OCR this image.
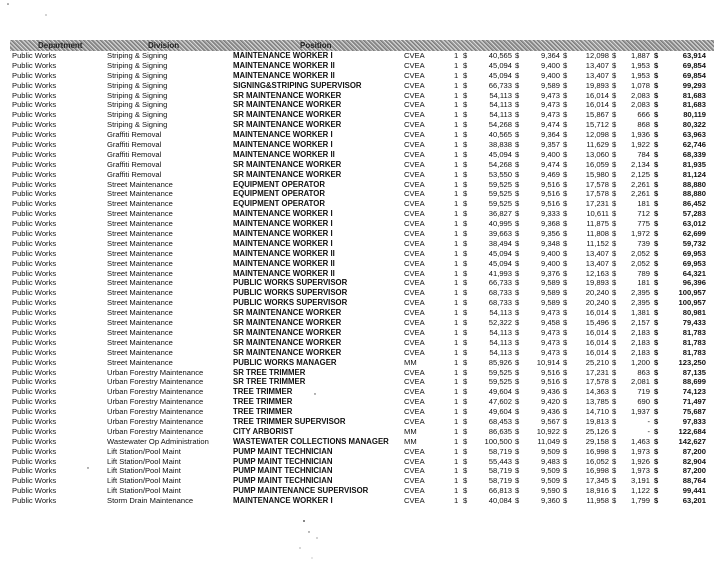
Department	Division	Position
Public Works	Striping & Signing	MAINTENANCE WORKER I	CVEA	1 $	40,565 $	9,364 $ 12,098 $ 1,887 $	63,914
Public Works	Striping & Signing	MAINTENANCE WORKER II	CVEA	1 $	45,094 $	9,400 $ 13,407 $ 1,953 $	69,854
Public Works	Striping & Signing	MAINTENANCE WORKER II	CVEA	1 $	45,094 $	9,400 $ 13,407 $ 1,953 $	69,854
Public Works	Striping & Signing	SIGNING&STRIPING SUPERVISOR	CVEA	1 $	66,733 $	9,589 $ 19,893 $ 1,078 $	99,293
Public Works	Striping & Signing	SR MAINTENANCE WORKER	CVEA	1 $	54,113 $	9,473 $ 16,014 $ 2,083 $	81,683
Public Works	Striping & Signing	SR MAINTENANCE WORKER	CVEA	1 $	54,113 $	9,473 $ 16,014 $ 2,083 $	81,683
Public Works	Striping & Signing	SR MAINTENANCE WORKER	CVEA	1 $	54,113 $	9,473 $ 15,867 $	666 $	80,119
Public Works	Striping & Signing	SR MAINTENANCE WORKER	CVEA	1 $	54,268 $	9,474 $ 15,712 $	868 $	80,322
Public Works	Graffiti Removal	MAINTENANCE WORKER I	CVEA	1 $	40,565 $	9,364 $ 12,098 $ 1,936 $	63,963
Public Works	Graffiti Removal	MAINTENANCE WORKER I	CVEA	1 $	38,838 $	9,357 $	11,629 $ 1,922 $	62,746
Public Works	Graffiti Removal	MAINTENANCE WORKER II	CVEA	1 $	45,094 $	9,400 $ 13,060 $	784 $	68,339
Public Works	Graffiti Removal	SR MAINTENANCE WORKER	CVEA	1 $	54,268 $	9,474 $ 16,059 $ 2,134 $	81,935
Public Works	Graffiti Removal	SR MAINTENANCE WORKER	CVEA	1 $	53,550 $	9,469 $ 15,980 $ 2,125 $	81,124
Public Works	Street Maintenance	EQUIPMENT OPERATOR	CVEA	1 $	59,525 $	9,516 $ 17,578 $ 2,261 $	88,880
Public Works	Street Maintenance	EQUIPMENT OPERATOR	CVEA	1 $	59,525 $	9,516 $ 17,578 $ 2,261 $	88,880
Public Works	Street Maintenance	EQUIPMENT OPERATOR	CVEA	1 $	59,525 $	9,516 $ 17,231 $	181 $	86,452
Public Works	Street Maintenance	MAINTENANCE WORKER I	CVEA	1 $	36,827 $	9,333 $	10,611 $	712 $	57,283
Public Works	Street Maintenance	MAINTENANCE WORKER I	CVEA	1 $	40,995 $	9,368 $	11,875 $	775 $	63,012
Public Works	Street Maintenance	MAINTENANCE WORKER I	CVEA	1 $	39,663 $	9,356 $	11,808 $ 1,972 $	62,699
Public Works	Street Maintenance	MAINTENANCE WORKER I	CVEA	1 $	38,494 $	9,348 $	11,152 $	739 $	59,732
Public Works	Street Maintenance	MAINTENANCE WORKER II	CVEA	1 $	45,094 $	9,400 $ 13,407 $ 2,052 $	69,953
Public Works	Street Maintenance	MAINTENANCE WORKER II	CVEA	1 $	45,094 $	9,400 $ 13,407 $ 2,052 $	69,953
Public Works	Street Maintenance	MAINTENANCE WORKER II	CVEA	1 $	41,993 $	9,376 $ 12,163 $	789 $	64,321
Public Works	Street Maintenance	PUBLIC WORKS SUPERVISOR	CVEA	1 $	66,733 $	9,589 $ 19,893 $	181 $	96,396
Public Works	Street Maintenance	PUBLIC WORKS SUPERVISOR	CVEA	1 $	68,733 $	9,589 $ 20,240 $ 2,395 $	100,957
Public Works	Street Maintenance	PUBLIC WORKS SUPERVISOR	CVEA	1 $	68,733 $	9,589 $ 20,240 $ 2,395 $	100,957
Public Works	Street Maintenance	SR MAINTENANCE WORKER	CVEA	1 $	54,113 $	9,473 $ 16,014 $ 1,381 $	80,981
Public Works	Street Maintenance	SR MAINTENANCE WORKER	CVEA	1 $	52,322 $	9,458 $ 15,496 $ 2,157 $	79,433
Public Works	Street Maintenance	SR MAINTENANCE WORKER	CVEA	1 $	54,113 $	9,473 $ 16,014 $ 2,183 $	81,783
Public Works	Street Maintenance	SR MAINTENANCE WORKER	CVEA	1 $	54,113 $	9,473 $ 16,014 $ 2,183 $	81,783
Public Works	Street Maintenance	SR MAINTENANCE WORKER	CVEA	1 $	54,113 $	9,473 $ 16,014 $ 2,183 $	81,783
Public Works	Street Maintenance	PUBLIC WORKS MANAGER	MM	1 $	85,926 $ 10,914 $ 25,210 $ 1,200 $	123,250
Public Works	Urban Forestry Maintenance	SR TREE TRIMMER	CVEA	1 $	59,525 $	9,516 $ 17,231 $	863 $	87,135
Public Works	Urban Forestry Maintenance	SR TREE TRIMMER	CVEA	1 $	59,525 $	9,516 $ 17,578 $ 2,081 $	88,699
Public Works	Urban Forestry Maintenance	TREE TRIMMER	CVEA	1 $	49,604 $	9,436 $ 14,363 $	719 $	74,123
Public Works	Urban Forestry Maintenance	TREE TRIMMER	CVEA	1 $	47,602 $	9,420 $ 13,785 $	690 $	71,497
Public Works	Urban Forestry Maintenance	TREE TRIMMER	CVEA	1 $	49,604 $	9,436 $ 14,710 $ 1,937 $	75,687
Public Works	Urban Forestry Maintenance	TREE TRIMMER SUPERVISOR	CVEA	1 $	68,453 $	9,567 $ 19,813 $	- $	97,833
Public Works	Urban Forestry Maintenance	CITY ARBORIST	MM	1 $	86,635 $ 10,922 $ 25,126 $	- $	122,684
Public Works	Wastewater Op Administration	WASTEWATER COLLECTIONS MANAGER MM	1 $ 100,500 $ 11,049 $ 29,158 $ 1,463 $	142,627
Public Works	Lift Station/Pool Maint	PUMP MAINT TECHNICIAN	CVEA	1 $	58,719 $	9,509 $ 16,998 $ 1,973 $	87,200
Public Works	Lift Station/Pool Maint	PUMP MAINT TECHNICIAN	CVEA	1 $	55,443 $	9,483 $ 16,052 $ 1,926 $	82,904
Public Works	Lift Station/Pool Maint	PUMP MAINT TECHNICIAN	CVEA	1 $	58,719 $	9,509 $ 16,998 $ 1,973 $	87,200
Public Works	Lift Station/Pool Maint	PUMP MAINT TECHNICIAN	CVEA	1 $	58,719 $	9,509 $ 17,345 $ 3,191 $	88,764
Public Works	Lift Station/Pool Maint	PUMP MAINTENANCE SUPERVISOR	CVEA	1 $	66,813 $	9,590 $ 18,916 $ 1,122 $	99,441
Public Works	Storm Drain Maintenance	MAINTENANCE WORKER I	CVEA	1 $	40,084 $	9,360 $	11,958 $ 1,799 $	63,201
